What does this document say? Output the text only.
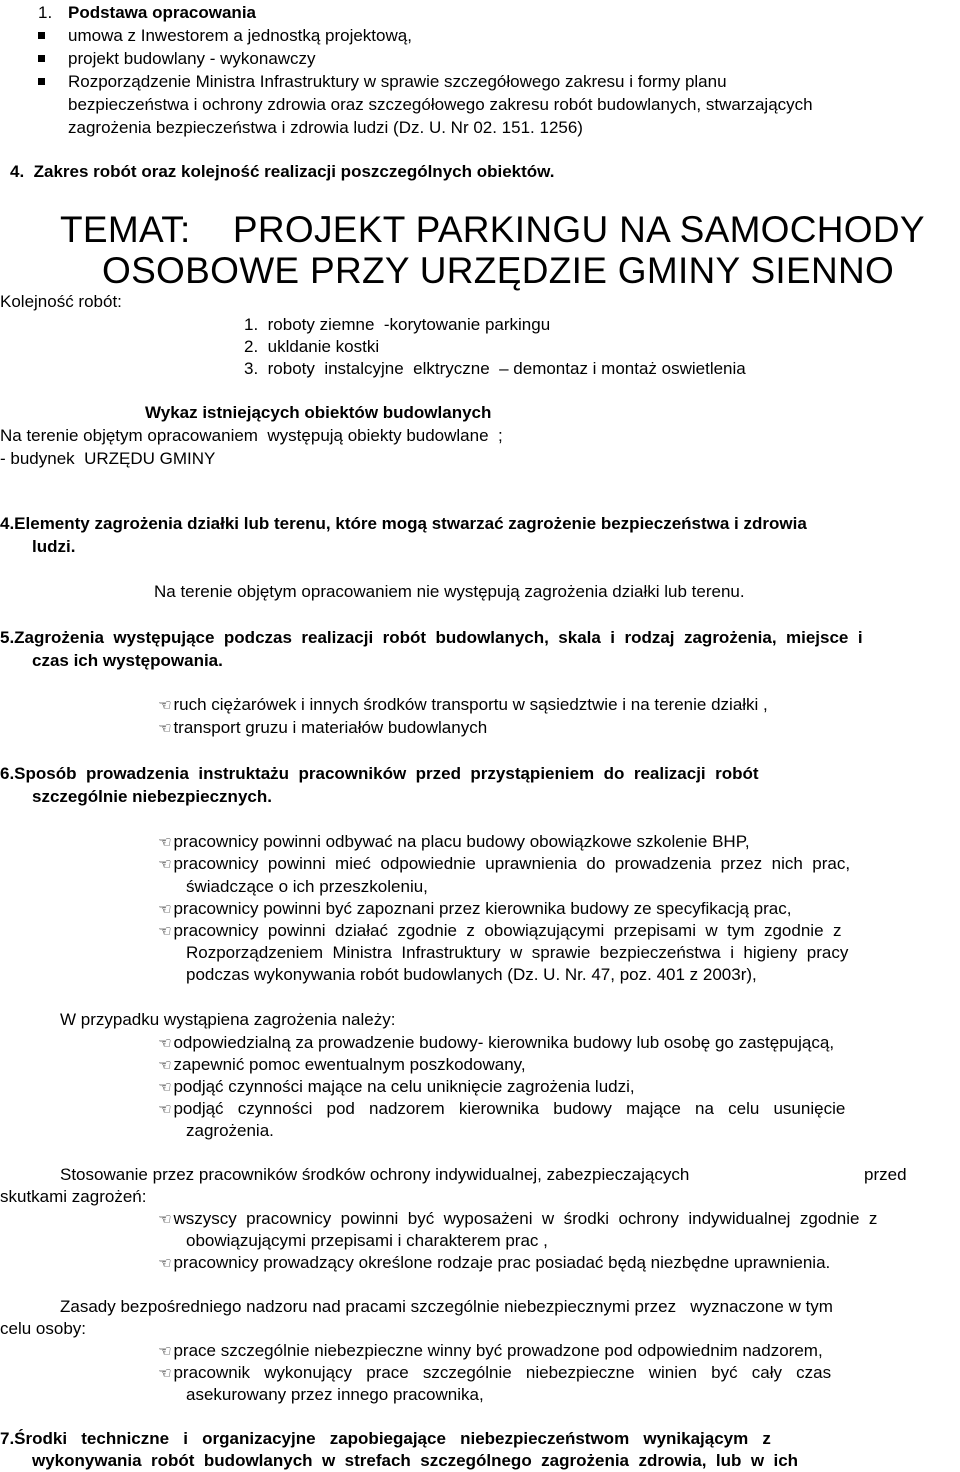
1. Podstawa opracowania
umowa z Inwestorem a jednostką projektową,
projekt budowlany - wykonawczy
Rozporządzenie Ministra Infrastruktury w sprawie szczegółowego zakresu i formy planu
bezpieczeństwa i ochrony zdrowia oraz szczegółowego zakresu robót budowlanych, stwarzających
zagrożenia bezpieczeństwa i zdrowia ludzi (Dz. U. Nr 02. 151. 1256)
4.  Zakres robót oraz kolejność realizacji poszczególnych obiektów.
TEMAT:    PROJEKT PARKINGU NA SAMOCHODY
OSOBOWE PRZY URZĘDZIE GMINY SIENNO
Kolejność robót:
1.  roboty ziemne  -korytowanie parkingu
2.  ukldanie kostki
3.  roboty  instalcyjne  elktryczne  – demontaz i montaż oswietlenia
Wykaz istniejących obiektów budowlanych
Na terenie objętym opracowaniem  występują obiekty budowlane  ;
- budynek  URZĘDU GMINY
4.Elementy zagrożenia działki lub terenu, które mogą stwarzać zagrożenie bezpieczeństwa i zdrowia
ludzi.
Na terenie objętym opracowaniem nie występują zagrożenia działki lub terenu.
5.Zagrożenia  występujące  podczas  realizacji  robót  budowlanych,  skala  i  rodzaj  zagrożenia,  miejsce  i
czas ich występowania.
☞ ruch ciężarówek i innych środków transportu w sąsiedztwie i na terenie działki ,
☞ transport gruzu i materiałów budowlanych
6.Sposób  prowadzenia  instruktażu  pracowników  przed  przystąpieniem  do  realizacji  robót
szczególnie niebezpiecznych.
☞ pracownicy powinni odbywać na placu budowy obowiązkowe szkolenie BHP,
☞ pracownicy  powinni  mieć  odpowiednie  uprawnienia  do  prowadzenia  przez  nich  prac,
świadczące o ich przeszkoleniu,
☞ pracownicy powinni być zapoznani przez kierownika budowy ze specyfikacją prac,
☞ pracownicy  powinni  działać  zgodnie  z  obowiązującymi  przepisami  w  tym  zgodnie  z
Rozporządzeniem  Ministra  Infrastruktury  w  sprawie  bezpieczeństwa  i  higieny  pracy
podczas wykonywania robót budowlanych (Dz. U. Nr. 47, poz. 401 z 2003r),
W przypadku wystąpiena zagrożenia należy:
☞ odpowiedzialną za prowadzenie budowy- kierownika budowy lub osobę go zastępującą,
☞ zapewnić pomoc ewentualnym poszkodowany,
☞ podjąć czynności mające na celu uniknięcie zagrożenia ludzi,
☞ podjąć   czynności   pod   nadzorem   kierownika   budowy   mające   na   celu   usunięcie
zagrożenia.
Stosowanie przez pracowników środków ochrony indywidualnej, zabezpieczających	przed
skutkami zagrożeń:
☞ wszyscy  pracownicy  powinni  być  wyposażeni  w  środki  ochrony  indywidualnej  zgodnie  z
obowiązującymi przepisami i charakterem prac ,
☞ pracownicy prowadzący określone rodzaje prac posiadać będą niezbędne uprawnienia.
Zasady bezpośredniego nadzoru nad pracami szczególnie niebezpiecznymi przez   wyznaczone w tym
celu osoby:
☞ prace szczególnie niebezpieczne winny być prowadzone pod odpowiednim nadzorem,
☞ pracownik   wykonujący   prace   szczególnie   niebezpieczne   winien   być   cały   czas
asekurowany przez innego pracownika,
7.Środki   techniczne   i   organizacyjne   zapobiegające   niebezpieczeństwom   wynikającym   z
wykonywania  robót  budowlanych  w  strefach  szczególnego  zagrożenia  zdrowia,  lub  w  ich
